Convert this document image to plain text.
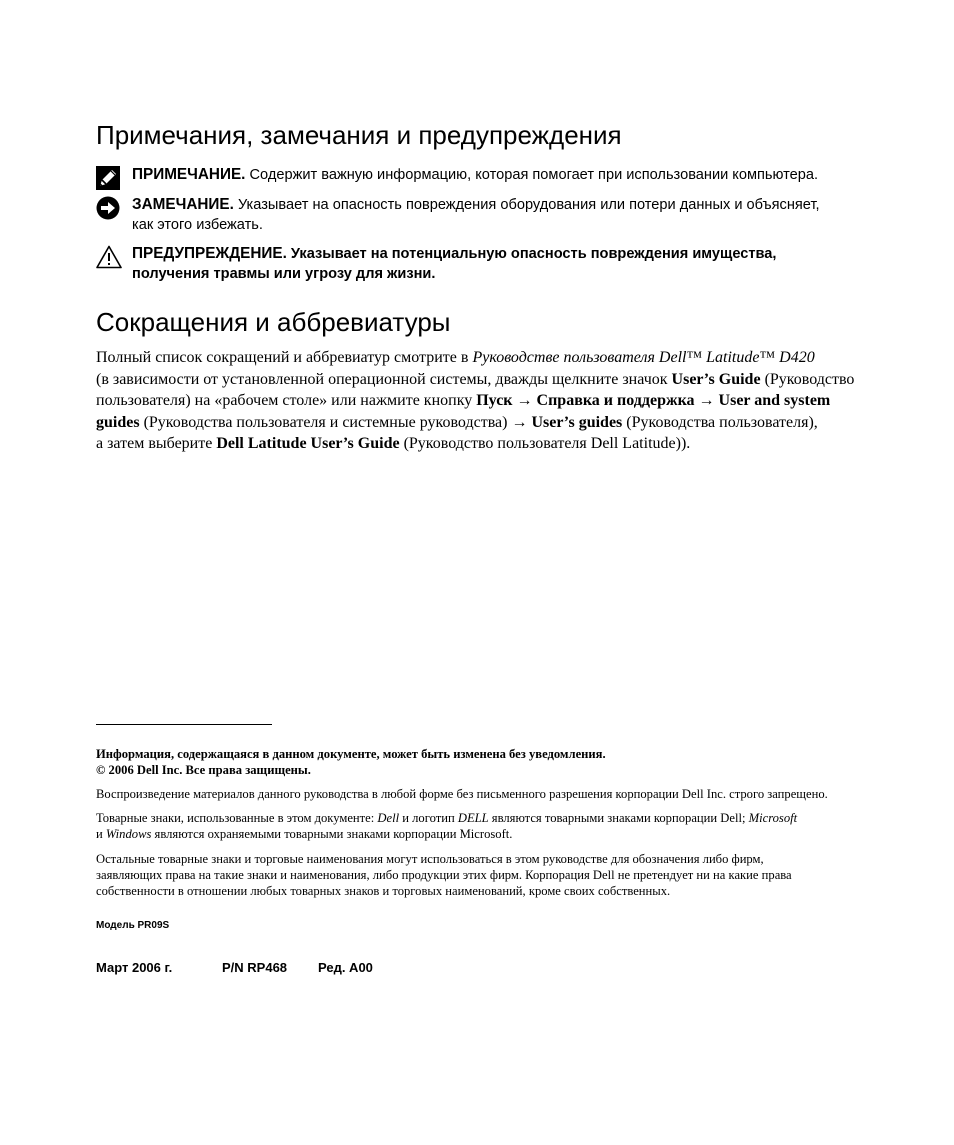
Примечания, замечания и предупреждения
ПРИМЕЧАНИЕ. Содержит важную информацию, которая помогает при использовании компьютера.
ЗАМЕЧАНИЕ. Указывает на опасность повреждения оборудования или потери данных и объясняет,
как этого избежать.
ПРЕДУПРЕЖДЕНИЕ. Указывает на потенциальную опасность повреждения имущества,
получения травмы или угрозу для жизни.
Сокращения и аббревиатуры
Полный список сокращений и аббревиатур смотрите в Руководстве пользователя Dell™ Latitude™ D420
(в зависимости от установленной операционной системы, дважды щелкните значок User’s Guide (Руководство
пользователя) на «рабочем столе» или нажмите кнопку Пуск → Справка и поддержка → User and system
guides (Руководства пользователя и системные руководства) → User’s guides (Руководства пользователя),
а затем выберите Dell Latitude User’s Guide (Руководство пользователя Dell Latitude)).
Информация, содержащаяся в данном документе, может быть изменена без уведомления.
© 2006 Dell Inc. Все права защищены.
Воспроизведение материалов данного руководства в любой форме без письменного разрешения корпорации Dell Inc. строго запрещено.
Товарные знаки, использованные в этом документе: Dell и логотип DELL являются товарными знаками корпорации Dell; Microsoft
и Windows являются охраняемыми товарными знаками корпорации Microsoft.
Остальные товарные знаки и торговые наименования могут использоваться в этом руководстве для обозначения либо фирм,
заявляющих права на такие знаки и наименования, либо продукции этих фирм. Корпорация Dell не претендует ни на какие права
собственности в отношении любых товарных знаков и торговых наименований, кроме своих собственных.
Модель PR09S
Март 2006 г.	P/N RP468 Ред. A00
